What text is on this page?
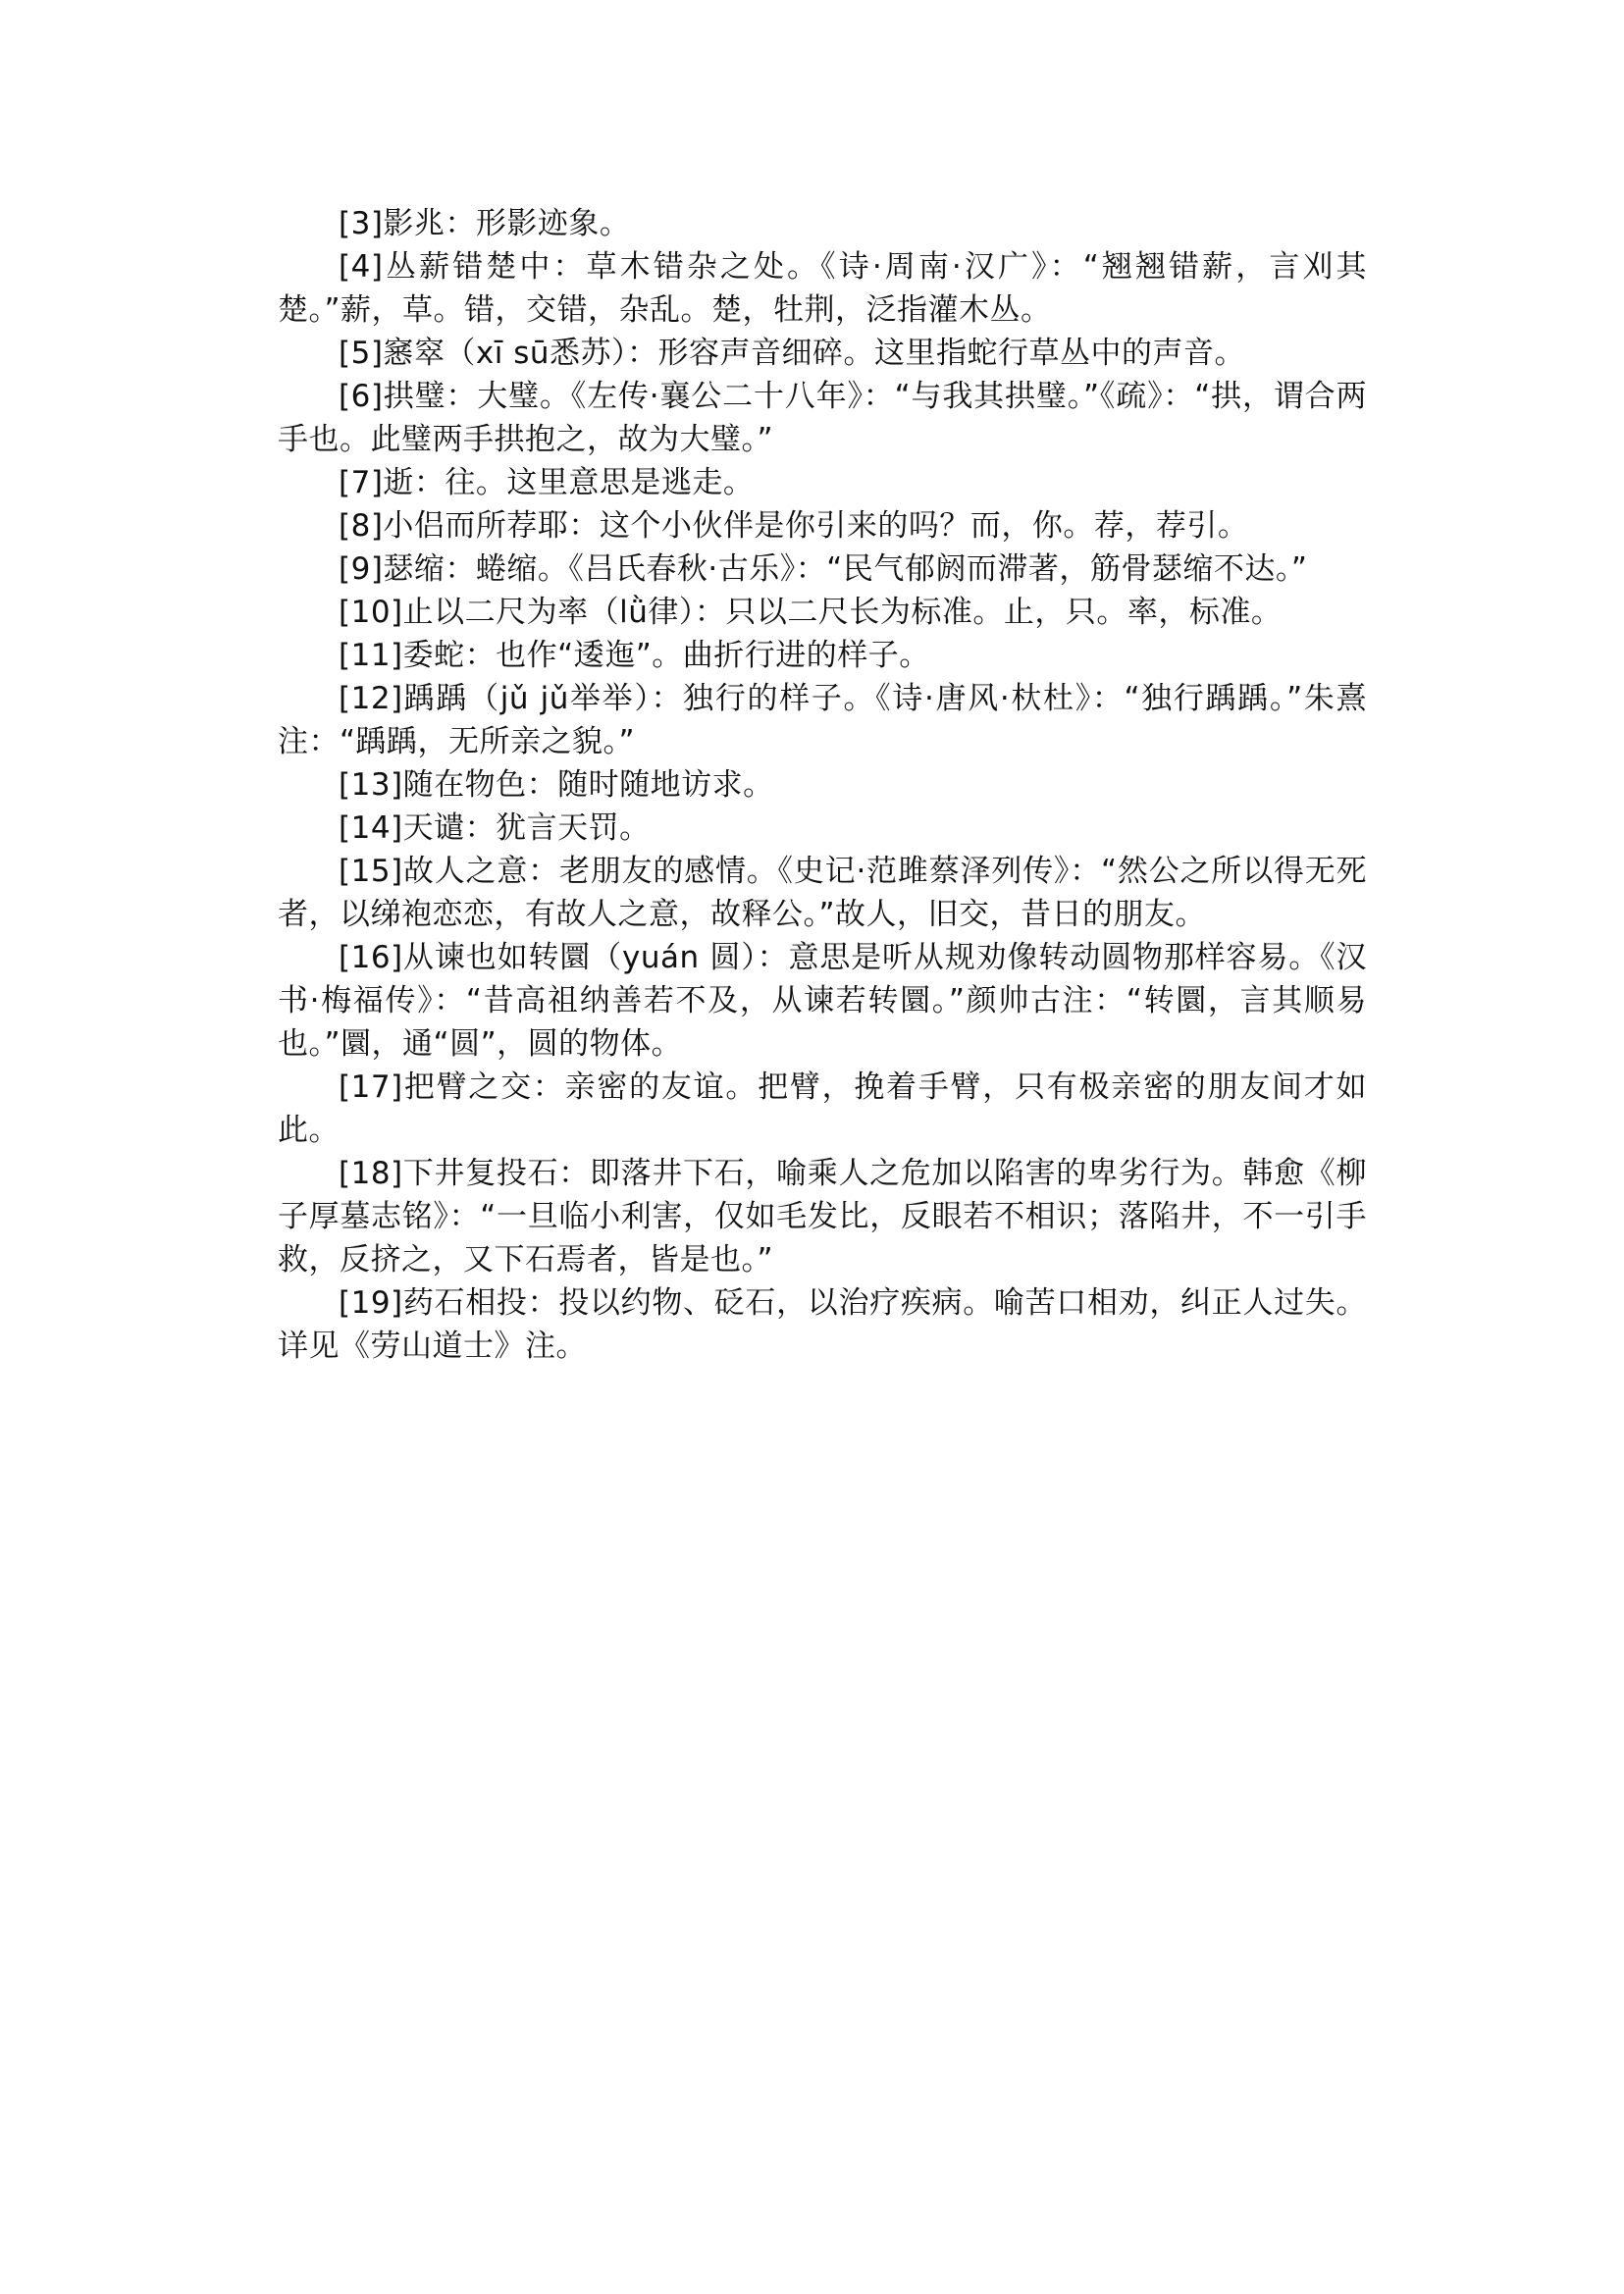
[3]影兆：形影迹象。

[4]丛薪错楚中：草木错杂之处。《诗·周南·汉广》：“翘翘错薪，言刈其楚。”薪，草。错，交错，杂乱。楚，牡荆，泛指灌木丛。

[5]窸窣（xī sū悉苏）：形容声音细碎。这里指蛇行草丛中的声音。

[6]拱璧：大璧。《左传·襄公二十八年》：“与我其拱璧。”《疏》：“拱，谓合两手也。此璧两手拱抱之，故为大璧。”

[7]逝：往。这里意思是逃走。

[8]小侣而所荐耶：这个小伙伴是你引来的吗？而，你。荐，荐引。

[9]瑟缩：蜷缩。《吕氏春秋·古乐》：“民气郁阏而滞著，筋骨瑟缩不达。”

[10]止以二尺为率（lǜ律）：只以二尺长为标准。止，只。率，标准。

[11]委蛇：也作“逶迤”。曲折行进的样子。

[12]踽踽（jǔ jǔ举举）：独行的样子。《诗·唐风·杕杜》：“独行踽踽。”朱熹注：“踽踽，无所亲之貌。”

[13]随在物色：随时随地访求。

[14]天谴：犹言天罚。

[15]故人之意：老朋友的感情。《史记·范雎蔡泽列传》：“然公之所以得无死者，以绨袍恋恋，有故人之意，故释公。”故人，旧交，昔日的朋友。

[16]从谏也如转圜（yuán 圆）：意思是听从规劝像转动圆物那样容易。《汉书·梅福传》：“昔高祖纳善若不及，从谏若转圜。”颜帅古注：“转圜，言其顺易也。”圜，通“圆”，圆的物体。

[17]把臂之交：亲密的友谊。把臂，挽着手臂，只有极亲密的朋友间才如此。

[18]下井复投石：即落井下石，喻乘人之危加以陷害的卑劣行为。韩愈《柳子厚墓志铭》：“一旦临小利害，仅如毛发比，反眼若不相识；落陷井，不一引手救，反挤之，又下石焉者，皆是也。”

[19]药石相投：投以约物、砭石，以治疗疾病。喻苦口相劝，纠正人过失。详见《劳山道士》注。
